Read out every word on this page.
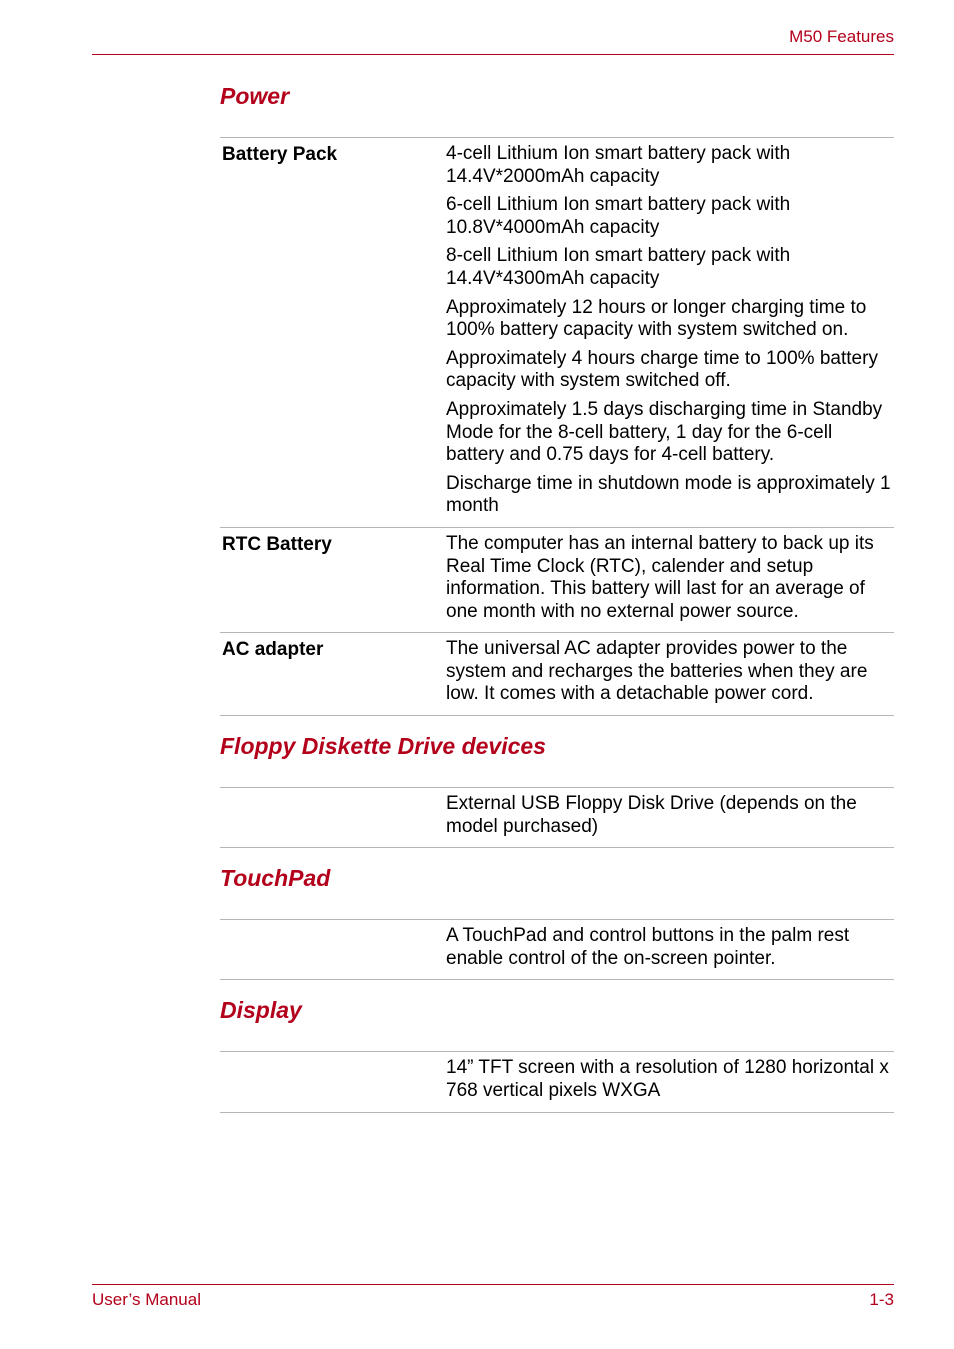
M50 Features
Power
Battery Pack	4-cell Lithium Ion smart battery pack with 14.4V*2000mAh capacity

6-cell Lithium Ion smart battery pack with 10.8V*4000mAh capacity

8-cell Lithium Ion smart battery pack with 14.4V*4300mAh capacity

Approximately 12 hours or longer charging time to 100% battery capacity with system switched on.

Approximately 4 hours charge time to 100% battery capacity with system switched off.

Approximately 1.5 days discharging time in Standby Mode for the 8-cell battery, 1 day for the 6-cell battery and 0.75 days for 4-cell battery.

Discharge time in shutdown mode is approximately 1 month

RTC Battery	The computer has an internal battery to back up its Real Time Clock (RTC), calender and setup information. This battery will last for an average of one month with no external power source.
AC adapter	The universal AC adapter provides power to the system and recharges the batteries when they are low. It comes with a detachable power cord.
Floppy Diskette Drive devices
External USB Floppy Disk Drive (depends on the model purchased)
TouchPad
A TouchPad and control buttons in the palm rest enable control of the on-screen pointer.
Display
14” TFT screen with a resolution of 1280 horizontal x 768 vertical pixels WXGA
User’s Manual	1-3
